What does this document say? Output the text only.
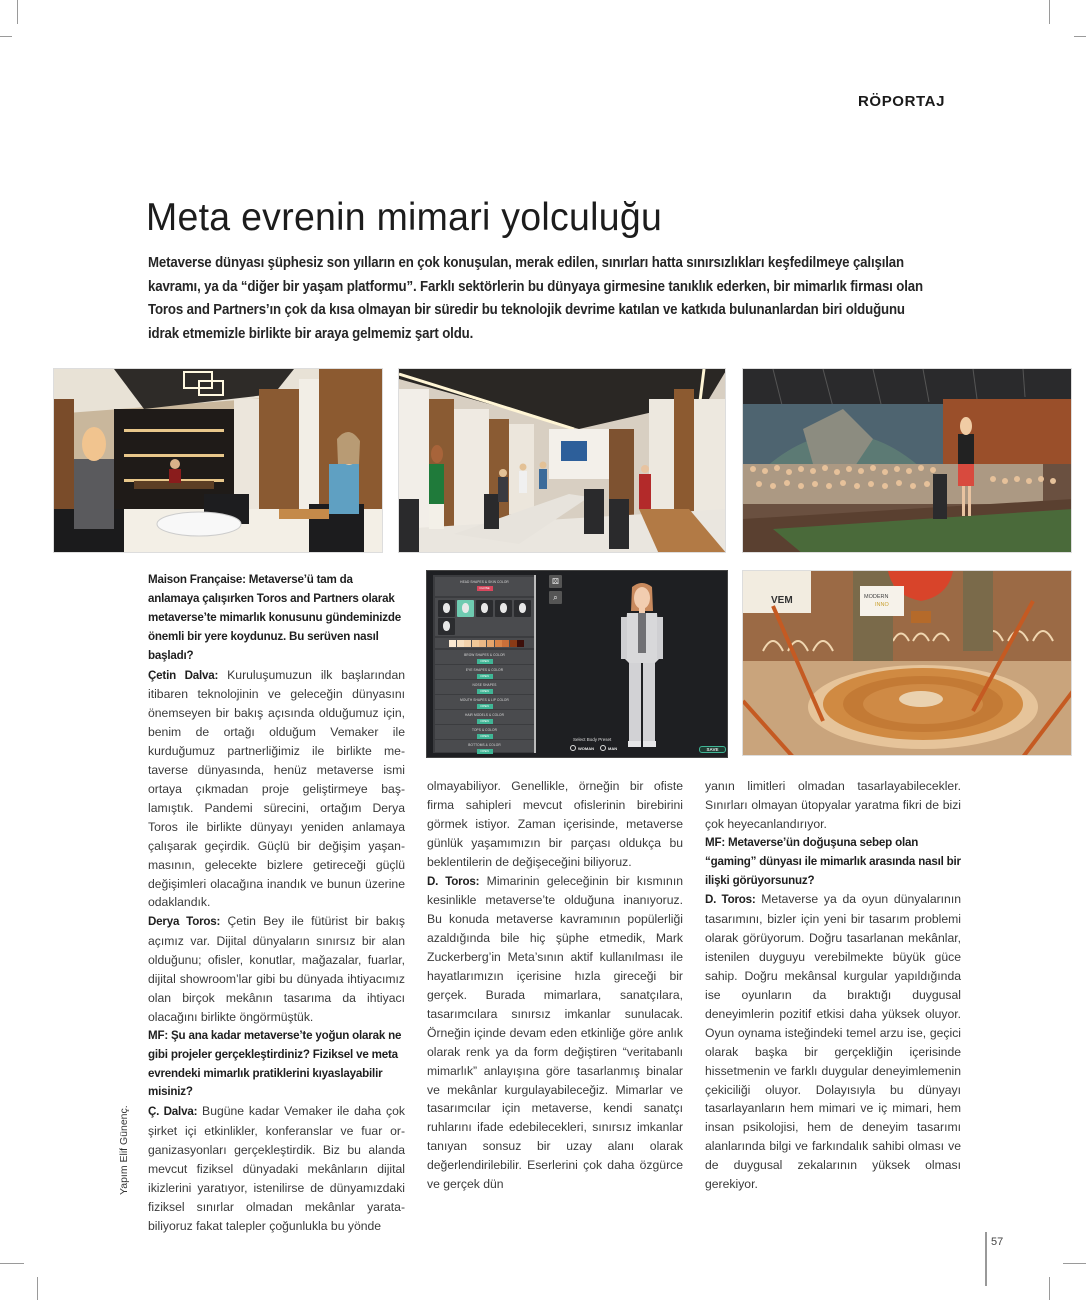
RÖPORTAJ
Meta evrenin mimari yolculuğu

Metaverse dünyası şüphesiz son yılların en çok konuşulan, merak edilen, sınırları hatta sınırsızlıkları keşfedilmeye çalışılan kavramı, ya da “diğer bir yaşam platformu”. Farklı sektörlerin bu dünyaya girmesine tanıklık ederken, bir mimarlık firması olan Toros and Partners’ın çok da kısa olmayan bir süredir bu teknolojik devrime katılan ve katkıda bulunanlardan biri olduğunu idrak etmemizle birlikte bir araya gelmemiz şart oldu.

HEAD SHAPES & SKIN COLOR
CLOSE
BROW SHAPES & COLOR
OPEN
EYE SHAPES & COLOR
OPEN
NOSE SHAPES
OPEN
MOUTH SHAPES & LIP COLOR
OPEN
HAIR MODELS & COLOR
OPEN
TOPS & COLOR
OPEN
BOTTOMS & COLOR
OPEN
⚄
⌕
Select Body Preset
WOMAN	MAN	SAVE
VEM	MODERN
INNO

Maison Française: Metaverse’ü tam da anlamaya çalışırken Toros and Partners olarak metaverse’te mimarlık konusunu gündeminizde önemli bir yere koydunuz. Bu serüven nasıl başladı?

Çetin Dalva: Kuruluşumuzun ilk başlarından itibaren teknolojinin ve geleceğin dünyasını önemseyen bir bakış açısında olduğumuz için, benim de ortağı olduğum Vemaker ile kurduğumuz partnerliğimiz ile birlikte metaverse dünyasında, henüz metaverse ismi ortaya çıkmadan proje geliştirmeye başlamıştık. Pandemi sürecini, ortağım Derya Toros ile birlikte dünyayı yeniden anlamaya çalışarak geçirdik. Güçlü bir değişim yaşanmasının, gelecekte bizlere getireceği güçlü değişimleri olacağına inandık ve bunun üzerine odaklandık.

Derya Toros: Çetin Bey ile fütürist bir bakış açımız var. Dijital dünyaların sınırsız bir alan olduğunu; ofisler, konutlar, mağazalar, fuarlar, dijital showroom’lar gibi bu dünyada ihtiyacımız olan birçok mekânın tasarıma da ihtiyacı olacağını birlikte öngörmüştük.

MF: Şu ana kadar metaverse’te yoğun olarak ne gibi projeler gerçekleştirdiniz? Fiziksel ve meta evrendeki mimarlık pratiklerini kıyaslayabilir misiniz?

Ç. Dalva: Bugüne kadar Vemaker ile daha çok şirket içi etkinlikler, konferanslar ve fuar organizasyonları gerçekleştirdik. Biz bu alanda mevcut fiziksel dünyadaki mekânların dijital ikizlerini yaratıyor, istenilirse de dünyamızdaki fiziksel sınırlar olmadan mekânlar yaratabiliyoruz fakat talepler çoğunlukla bu yönde

olmayabiliyor. Genellikle, örneğin bir ofiste firma sahipleri mevcut ofislerinin birebirini görmek istiyor. Zaman içerisinde, metaverse günlük yaşamımızın bir parçası oldukça bu beklentilerin de değişeceğini biliyoruz.

D. Toros: Mimarinin geleceğinin bir kısmının kesinlikle metaverse’te olduğuna inanıyoruz. Bu konuda metaverse kavramının popülerliği azaldığında bile hiç şüphe etmedik, Mark Zuckerberg’in Meta’sının aktif kullanılması ile hayatlarımızın içerisine hızla gireceği bir gerçek. Burada mimarlara, sanatçılara, tasarımcılara sınırsız imkanlar sunulacak. Örneğin içinde devam eden etkinliğe göre anlık olarak renk ya da form değiştiren “veritabanlı mimarlık” anlayışına göre tasarlanmış binalar ve mekânlar kurgulayabileceğiz. Mimarlar ve tasarımcılar için metaverse, kendi sanatçı ruhlarını ifade edebilecekleri, sınırsız imkanlar tanıyan sonsuz bir uzay alanı olarak değerlendirilebilir. Eserlerini çok daha özgürce ve gerçek dün

yanın limitleri olmadan tasarlayabilecekler. Sınırları olmayan ütopyalar yaratma fikri de bizi çok heyecanlandırıyor.

MF: Metaverse’ün doğuşuna sebep olan “gaming” dünyası ile mimarlık arasında nasıl bir ilişki görüyorsunuz?

D. Toros: Metaverse ya da oyun dünyalarının tasarımını, bizler için yeni bir tasarım problemi olarak görüyorum. Doğru tasarlanan mekânlar, istenilen duyguyu verebilmekte büyük güce sahip. Doğru mekânsal kurgular yapıldığında ise oyunların da bıraktığı duygusal deneyimlerin pozitif etkisi daha yüksek oluyor. Oyun oynama isteğindeki temel arzu ise, geçici olarak başka bir gerçekliğin içerisinde hissetmenin ve farklı duygular deneyimlemenin çekiciliği oluyor. Dolayısıyla bu dünyayı tasarlayanların hem mimari ve iç mimari, hem insan psikolojisi, hem de deneyim tasarımı alanlarında bilgi ve farkındalık sahibi olması ve de duygusal zekalarının yüksek olması gerekiyor.

Yapım Elif Günenç.
57
